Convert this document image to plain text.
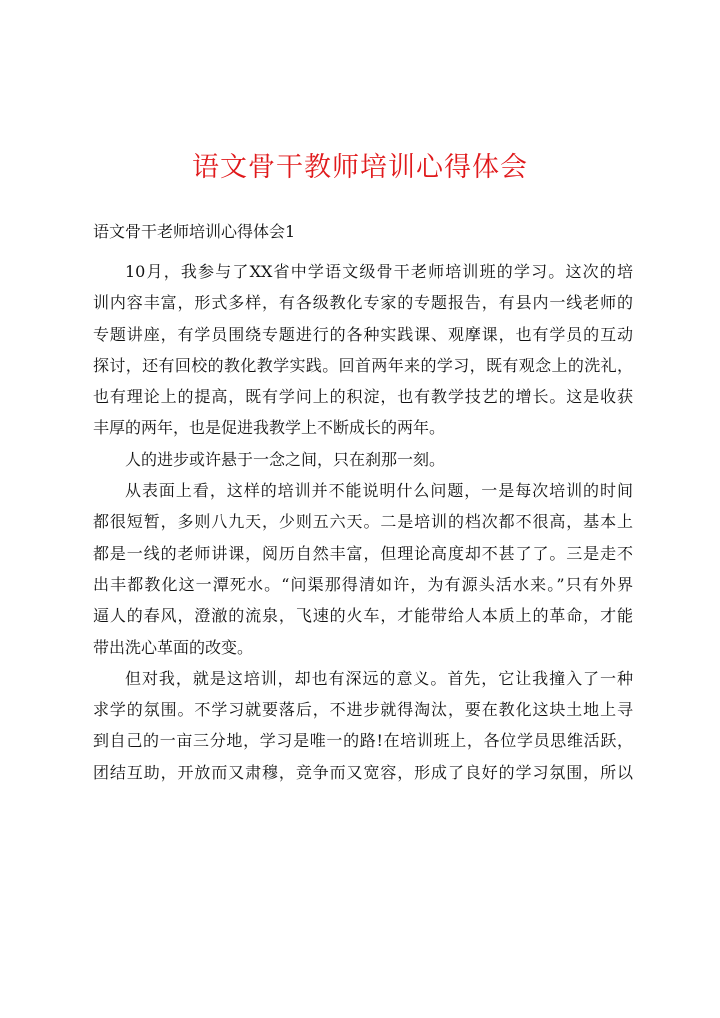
语文骨干教师培训心得体会

语文骨干老师培训心得体会1

10月，我参与了XX省中学语文级骨干老师培训班的学习。这次的培
训内容丰富，形式多样，有各级教化专家的专题报告，有县内一线老师的
专题讲座，有学员围绕专题进行的各种实践课、观摩课，也有学员的互动
探讨，还有回校的教化教学实践。回首两年来的学习，既有观念上的洗礼，
也有理论上的提高，既有学问上的积淀，也有教学技艺的增长。这是收获
丰厚的两年，也是促进我教学上不断成长的两年。

人的进步或许悬于一念之间，只在刹那一刻。

从表面上看，这样的培训并不能说明什么问题，一是每次培训的时间
都很短暂，多则八九天，少则五六天。二是培训的档次都不很高，基本上
都是一线的老师讲课，阅历自然丰富，但理论高度却不甚了了。三是走不
出丰都教化这一潭死水。“问渠那得清如许，为有源头活水来。”只有外界
逼人的春风，澄澈的流泉，飞速的火车，才能带给人本质上的革命，才能
带出洗心革面的改变。

但对我，就是这培训，却也有深远的意义。首先，它让我撞入了一种
求学的氛围。不学习就要落后，不进步就得淘汰，要在教化这块土地上寻
到自己的一亩三分地，学习是唯一的路!在培训班上，各位学员思维活跃，
团结互助，开放而又肃穆，竞争而又宽容，形成了良好的学习氛围，所以
